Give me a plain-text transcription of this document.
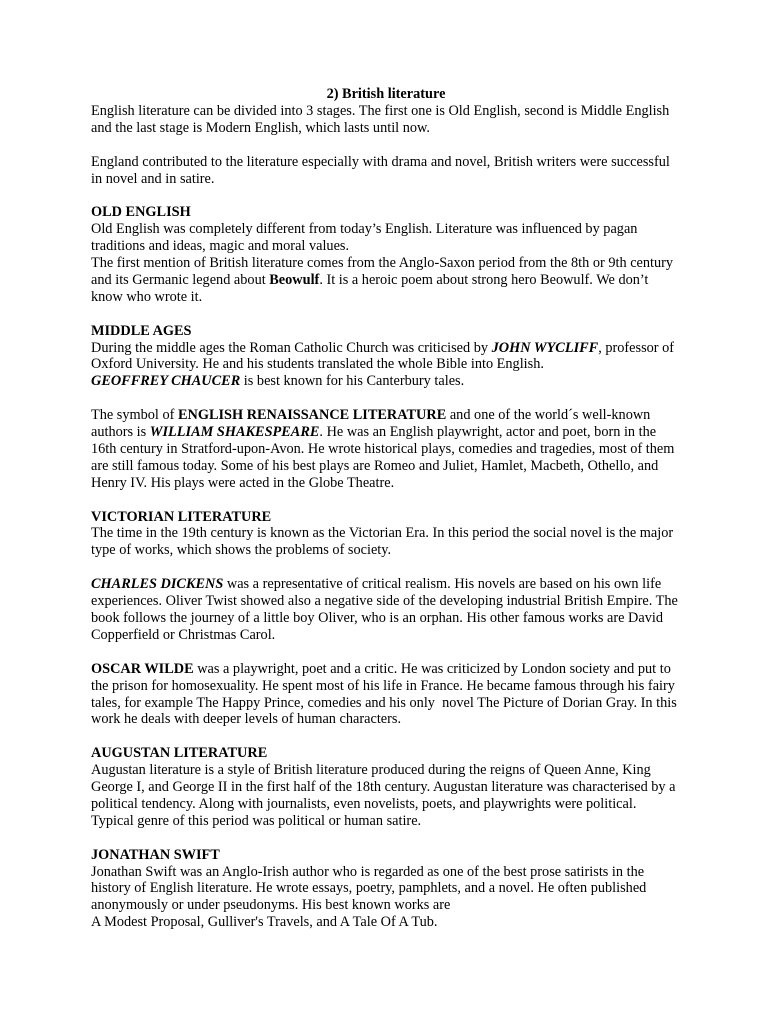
2) British literature

English literature can be divided into 3 stages. The first one is Old English, second is Middle English and the last stage is Modern English, which lasts until now.

England contributed to the literature especially with drama and novel, British writers were successful in novel and in satire.

OLD ENGLISH

Old English was completely different from today’s English. Literature was influenced by pagan traditions and ideas, magic and moral values.

The first mention of British literature comes from the Anglo-Saxon period from the 8th or 9th century and its Germanic legend about Beowulf. It is a heroic poem about strong hero Beowulf. We don’t know who wrote it.

MIDDLE AGES

During the middle ages the Roman Catholic Church was criticised by JOHN WYCLIFF, professor of Oxford University. He and his students translated the whole Bible into English.

GEOFFREY CHAUCER is best known for his Canterbury tales.

The symbol of ENGLISH RENAISSANCE LITERATURE and one of the world´s well-known authors is WILLIAM SHAKESPEARE. He was an English playwright, actor and poet, born in the 16th century in Stratford-upon-Avon. He wrote historical plays, comedies and tragedies, most of them are still famous today. Some of his best plays are Romeo and Juliet, Hamlet, Macbeth, Othello, and Henry IV. His plays were acted in the Globe Theatre.

VICTORIAN LITERATURE

The time in the 19th century is known as the Victorian Era. In this period the social novel is the major type of works, which shows the problems of society.

CHARLES DICKENS was a representative of critical realism. His novels are based on his own life experiences. Oliver Twist showed also a negative side of the developing industrial British Empire. The book follows the journey of a little boy Oliver, who is an orphan. His other famous works are David Copperfield or Christmas Carol.

OSCAR WILDE was a playwright, poet and a critic. He was criticized by London society and put to the prison for homosexuality. He spent most of his life in France. He became famous through his fairy tales, for example The Happy Prince, comedies and his only  novel The Picture of Dorian Gray. In this work he deals with deeper levels of human characters.

AUGUSTAN LITERATURE

Augustan literature is a style of British literature produced during the reigns of Queen Anne, King George I, and George II in the first half of the 18th century. Augustan literature was characterised by a political tendency. Along with journalists, even novelists, poets, and playwrights were political. Typical genre of this period was political or human satire.

JONATHAN SWIFT

Jonathan Swift was an Anglo-Irish author who is regarded as one of the best prose satirists in the history of English literature. He wrote essays, poetry, pamphlets, and a novel. He often published anonymously or under pseudonyms. His best known works are

A Modest Proposal, Gulliver's Travels, and A Tale Of A Tub.
